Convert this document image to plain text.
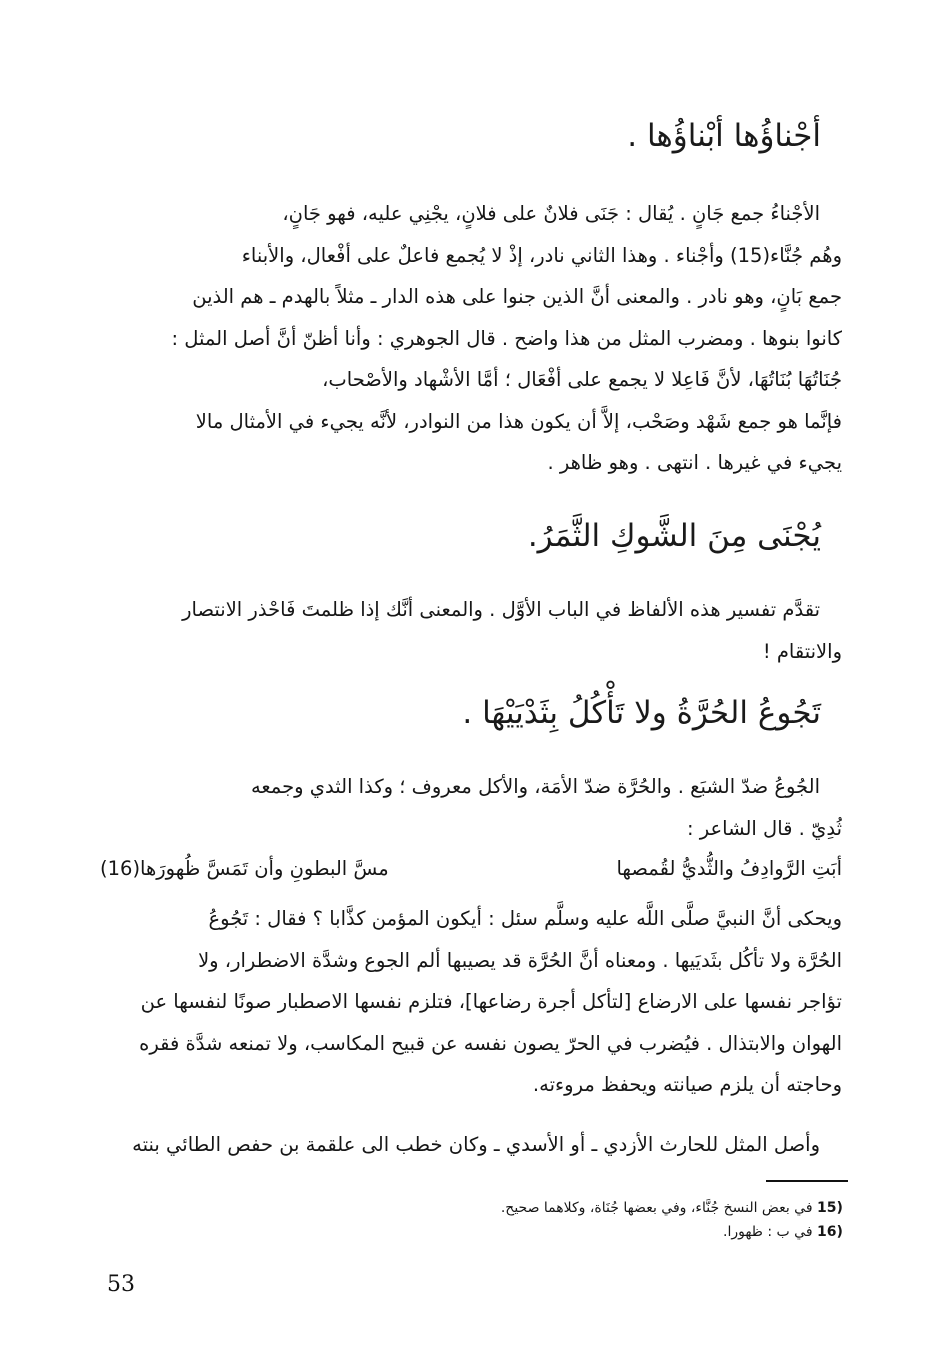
أجْناؤُها أبْناؤُها .
الأجْناءُ جمع جَانٍ . يُقال : جَنَى فلانٌ على فلانٍ، يجْنِي عليه، فهو جَانٍ،
وهُم جُنَّاء(15) وأجْناء . وهذا الثاني نادر، إذْ لا يُجمع فاعلٌ على أفْعال، والأبناء
جمع بَانٍ، وهو نادر . والمعنى أنَّ الذين جنوا على هذه الدار ـ مثلاً بالهدم ـ هم الذين
كانوا بنوها . ومضرب المثل من هذا واضح . قال الجوهري : وأنا أظنّ أنَّ أصل المثل :
جُنَاتُهَا بُنَاتُهَا، لأنَّ فَاعِلا لا يجمع على أفْعَال ؛ أمَّا الأشْهاد والأصْحاب،
فإنَّما هو جمع شَهْد وصَحْب، إلاَّ أن يكون هذا من النوادر، لأنَّه يجيء في الأمثال مالا
يجيء في غيرها . انتهى . وهو ظاهر .
يُجْنَى مِنَ الشَّوكِ الثَّمَرُ.
تقدَّم تفسير هذه الألفاظ في الباب الأوَّل . والمعنى أنَّك إذا ظلمتَ فَاحْذر الانتصار
والانتقام !
تَجُوعُ الحُرَّةُ ولا تَأْكُلُ بِثَدْيَيْهَا .
الجُوعُ ضدّ الشبَع . والحُرَّة ضدّ الأمَة، والأكل معروف ؛ وكذا الثدي وجمعه
ثُدِيّ . قال الشاعر :
أبَتِ الرَّوادِفُ والثُّديُّ لقُمصها
مسَّ البطونِ وأن تَمَسَّ ظُهورَها(16)
ويحكى أنَّ النبيَّ صلَّى اللَّه عليه وسلَّم سئل : أيكون المؤمن كذَّابا ؟ فقال : تَجُوعُ
الحُرَّة ولا تأكُل بثَديَيها . ومعناه أنَّ الحُرَّة قد يصيبها ألم الجوع وشدَّة الاضطرار، ولا
تؤاجر نفسها على الارضاع [لتأكل أجرة رضاعها]، فتلزم نفسها الاصطبار صونًا لنفسها عن
الهوان والابتذال . فيُضرب في الحرّ يصون نفسه عن قبيح المكاسب، ولا تمنعه شدَّة فقره
وحاجته أن يلزم صيانته ويحفظ مروءته.
وأصل المثل للحارث الأزدي ـ أو الأسدي ـ وكان خطب الى علقمة بن حفص الطائي بنته
15) في بعض النسخ جُنَّاء، وفي بعضها جُنَاة، وكلاهما صحيح.
16) في ب : ظهورا.
53
